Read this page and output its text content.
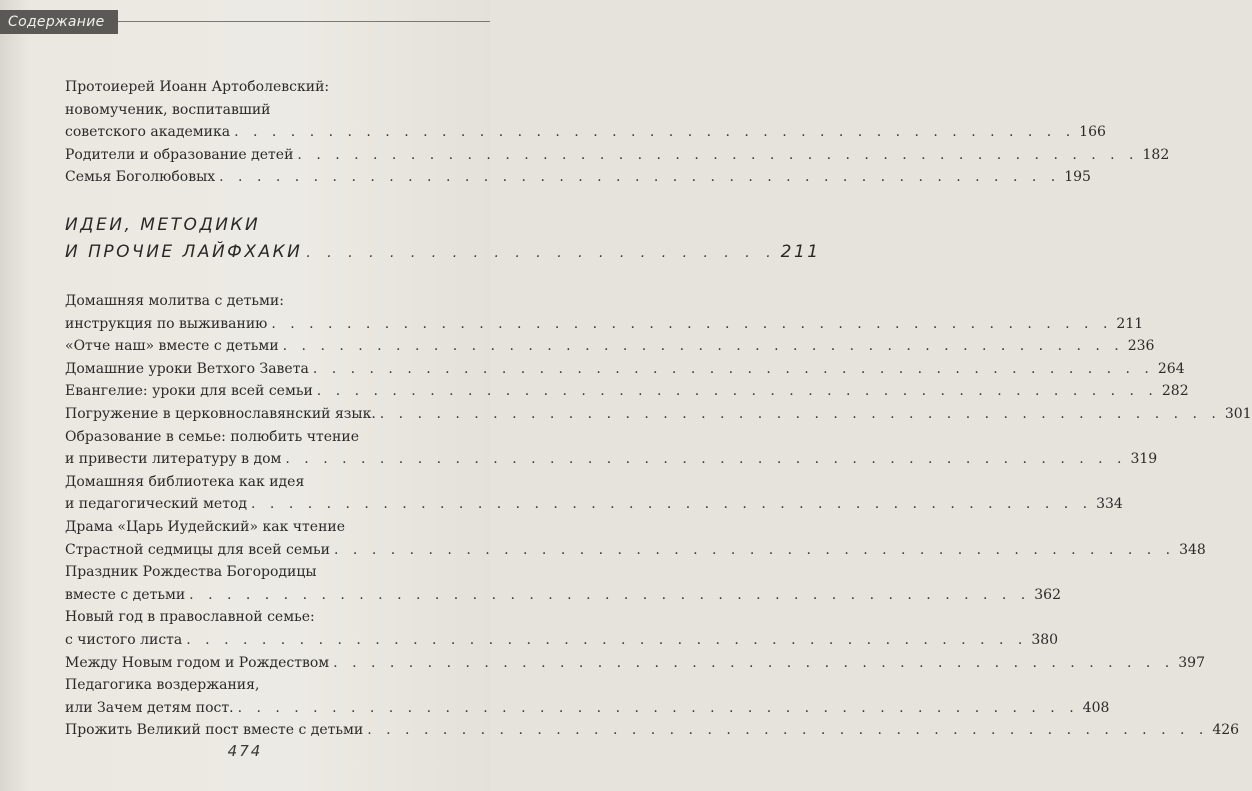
Содержание
ИДЕИ, МЕТОДИКИ
И ПРОЧИЕ ЛАЙФХАКИ . . . . . . . . . . . . . . . . . . . . . . . 211
Протоиерей Иоанн Артоболевский:
новомученик, воспитавший
советского академика . . . . . . . . . . . . . . . . . . . . . . . . . . . . . . . . . . . . . . . . . . . . . 166
Родители и образование детей . . . . . . . . . . . . . . . . . . . . . . . . . . . . . . . . . . . . . . . . . . . . . 182
Семья Боголюбовых . . . . . . . . . . . . . . . . . . . . . . . . . . . . . . . . . . . . . . . . . . . . . 195
Домашняя молитва с детьми:
инструкция по выживанию . . . . . . . . . . . . . . . . . . . . . . . . . . . . . . . . . . . . . . . . . . . . . 211
«Отче наш» вместе с детьми . . . . . . . . . . . . . . . . . . . . . . . . . . . . . . . . . . . . . . . . . . . . . 236
Домашние уроки Ветхого Завета . . . . . . . . . . . . . . . . . . . . . . . . . . . . . . . . . . . . . . . . . . . . . 264
Евангелие: уроки для всей семьи . . . . . . . . . . . . . . . . . . . . . . . . . . . . . . . . . . . . . . . . . . . . . 282
Погружение в церковнославянский язык. . . . . . . . . . . . . . . . . . . . . . . . . . . . . . . . . . . . . . . . . . . . . . 301
Образование в семье: полюбить чтение
и привести литературу в дом . . . . . . . . . . . . . . . . . . . . . . . . . . . . . . . . . . . . . . . . . . . . . 319
Домашняя библиотека как идея
и педагогический метод . . . . . . . . . . . . . . . . . . . . . . . . . . . . . . . . . . . . . . . . . . . . . 334
Драма «Царь Иудейский» как чтение
Страстной седмицы для всей семьи . . . . . . . . . . . . . . . . . . . . . . . . . . . . . . . . . . . . . . . . . . . . . 348
Праздник Рождества Богородицы
вместе с детьми . . . . . . . . . . . . . . . . . . . . . . . . . . . . . . . . . . . . . . . . . . . . . 362
Новый год в православной семье:
с чистого листа . . . . . . . . . . . . . . . . . . . . . . . . . . . . . . . . . . . . . . . . . . . . . 380
Между Новым годом и Рождеством . . . . . . . . . . . . . . . . . . . . . . . . . . . . . . . . . . . . . . . . . . . . . 397
Педагогика воздержания,
или Зачем детям пост. . . . . . . . . . . . . . . . . . . . . . . . . . . . . . . . . . . . . . . . . . . . . . 408
Прожить Великий пост вместе с детьми . . . . . . . . . . . . . . . . . . . . . . . . . . . . . . . . . . . . . . . . . . . . . 426
474
